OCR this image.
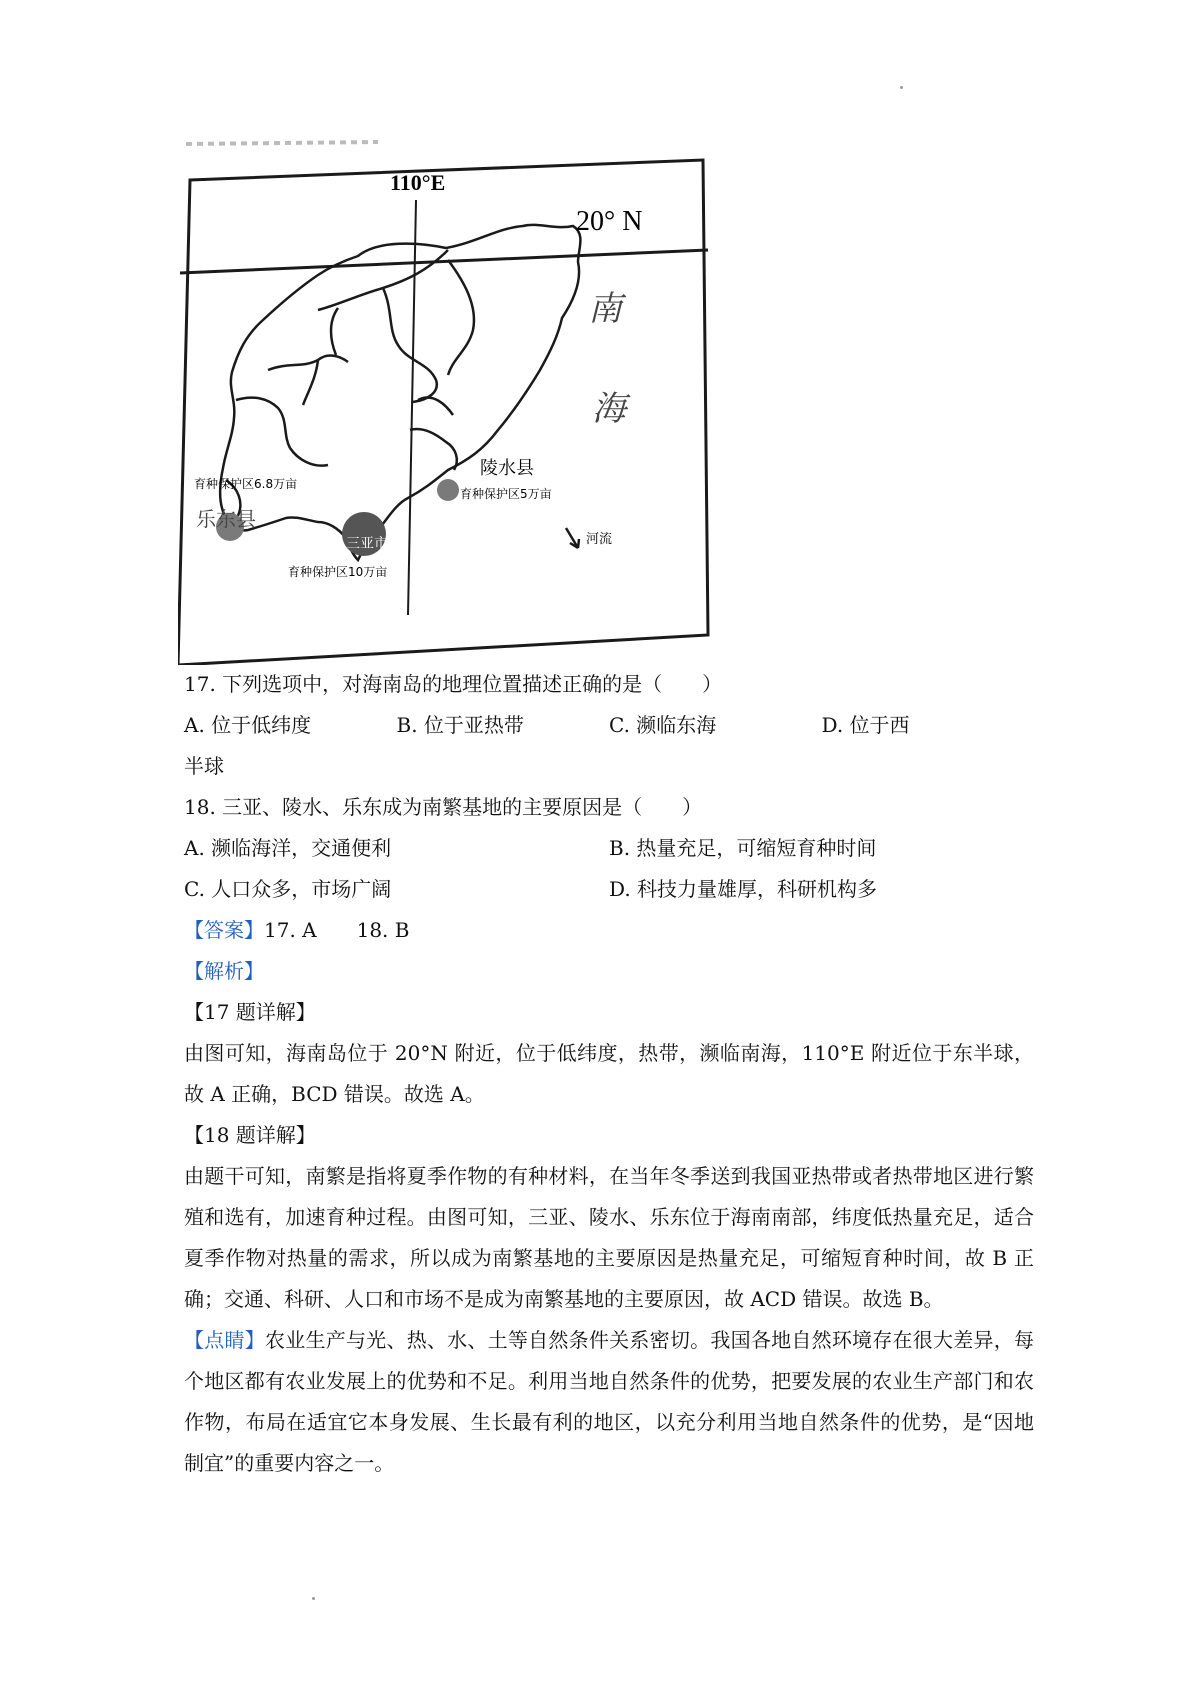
110°E
20° N
南
海
陵水县
育种保护区5万亩
育种保护区6.8万亩
乐东县
三亚市
育种保护区10万亩
河流
17. 下列选项中，对海南岛的地理位置描述正确的是（　　）
A. 位于低纬度	B. 位于亚热带	C. 濒临东海	D. 位于西
半球
18. 三亚、陵水、乐东成为南繁基地的主要原因是（　　）
A. 濒临海洋，交通便利	B. 热量充足，可缩短育种时间
C. 人口众多，市场广阔	D. 科技力量雄厚，科研机构多
【答案】17. A　　18. B
【解析】
【17 题详解】
由图可知，海南岛位于 20°N 附近，位于低纬度，热带，濒临南海，110°E 附近位于东半球，故 A 正确，BCD 错误。故选 A。
【18 题详解】
由题干可知，南繁是指将夏季作物的有种材料，在当年冬季送到我国亚热带或者热带地区进行繁殖和选有，加速育种过程。由图可知，三亚、陵水、乐东位于海南南部，纬度低热量充足，适合夏季作物对热量的需求，所以成为南繁基地的主要原因是热量充足，可缩短育种时间，故 B 正确；交通、科研、人口和市场不是成为南繁基地的主要原因，故 ACD 错误。故选 B。
【点睛】农业生产与光、热、水、土等自然条件关系密切。我国各地自然环境存在很大差异，每个地区都有农业发展上的优势和不足。利用当地自然条件的优势，把要发展的农业生产部门和农作物，布局在适宜它本身发展、生长最有利的地区，以充分利用当地自然条件的优势，是“因地制宜”的重要内容之一。
